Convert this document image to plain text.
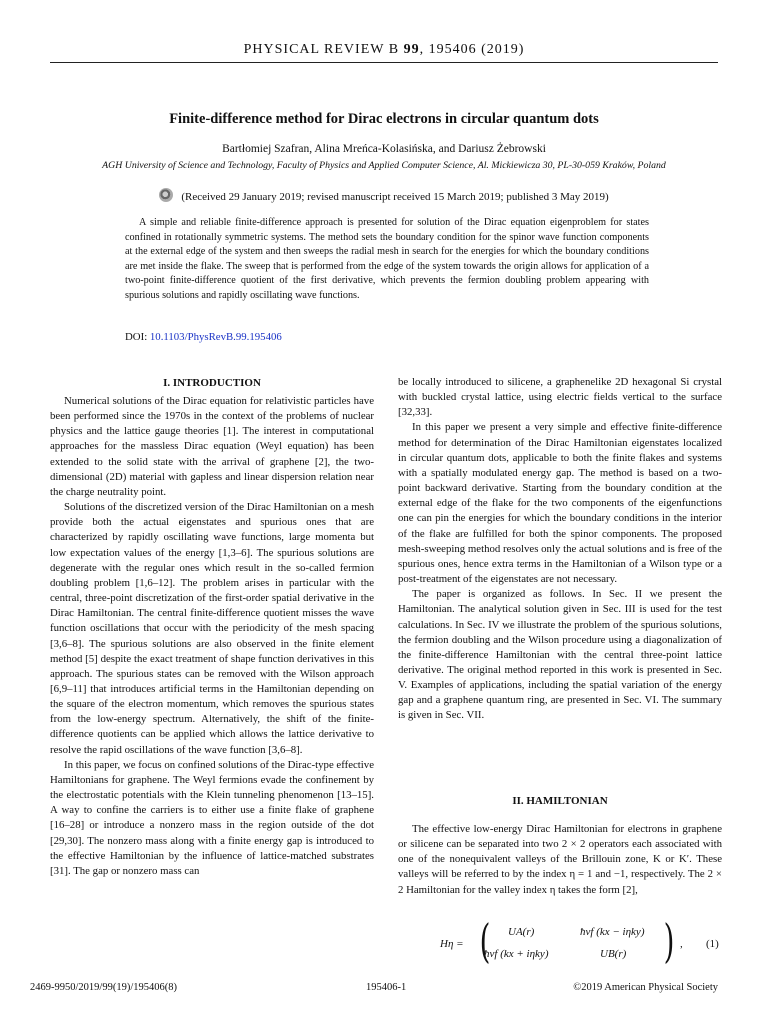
PHYSICAL REVIEW B 99, 195406 (2019)
Finite-difference method for Dirac electrons in circular quantum dots
Bartłomiej Szafran, Alina Mreńca-Kolasińska, and Dariusz Żebrowski
AGH University of Science and Technology, Faculty of Physics and Applied Computer Science, Al. Mickiewicza 30, PL-30-059 Kraków, Poland
(Received 29 January 2019; revised manuscript received 15 March 2019; published 3 May 2019)
A simple and reliable finite-difference approach is presented for solution of the Dirac equation eigenproblem for states confined in rotationally symmetric systems. The method sets the boundary condition for the spinor wave function components at the external edge of the system and then sweeps the radial mesh in search for the energies for which the boundary conditions are met inside the flake. The sweep that is performed from the edge of the system towards the origin allows for application of a two-point finite-difference quotient of the first derivative, which prevents the fermion doubling problem appearing with spurious solutions and rapidly oscillating wave functions.
DOI: 10.1103/PhysRevB.99.195406
I. INTRODUCTION

Numerical solutions of the Dirac equation for relativistic particles have been performed since the 1970s in the context of the problems of nuclear physics and the lattice gauge theories [1]. The interest in computational approaches for the massless Dirac equation (Weyl equation) has been extended to the solid state with the arrival of graphene [2], the two-dimensional (2D) material with gapless and linear dispersion relation near the charge neutrality point.

Solutions of the discretized version of the Dirac Hamiltonian on a mesh provide both the actual eigenstates and spurious ones that are characterized by rapidly oscillating wave functions, large momenta but low expectation values of the energy [1,3–6]. The spurious solutions are degenerate with the regular ones which result in the so-called fermion doubling problem [1,6–12]. The problem arises in particular with the central, three-point discretization of the first-order spatial derivative in the Dirac Hamiltonian. The central finite-difference quotient misses the wave function oscillations that occur with the periodicity of the mesh spacing [3,6–8]. The spurious solutions are also observed in the finite element method [5] despite the exact treatment of shape function derivatives in this approach. The spurious states can be removed with the Wilson approach [6,9–11] that introduces artificial terms in the Hamiltonian depending on the square of the electron momentum, which removes the spurious states from the low-energy spectrum. Alternatively, the shift of the finite-difference quotients can be applied which allows the lattice derivative to resolve the rapid oscillations of the wave function [3,6–8].

In this paper, we focus on confined solutions of the Dirac-type effective Hamiltonians for graphene. The Weyl fermions evade the confinement by the electrostatic potentials with the Klein tunneling phenomenon [13–15]. A way to confine the carriers is to either use a finite flake of graphene [16–28] or introduce a nonzero mass in the region outside of the dot [29,30]. The nonzero mass along with a finite energy gap is introduced to the effective Hamiltonian by the influence of lattice-matched substrates [31]. The gap or nonzero mass can

be locally introduced to silicene, a graphenelike 2D hexagonal Si crystal with buckled crystal lattice, using electric fields vertical to the surface [32,33].

In this paper we present a very simple and effective finite-difference method for determination of the Dirac Hamiltonian eigenstates localized in circular quantum dots, applicable to both the finite flakes and systems with a spatially modulated energy gap. The method is based on a two-point backward derivative. Starting from the boundary condition at the external edge of the flake for the two components of the eigenfunctions one can pin the energies for which the boundary conditions in the interior of the flake are fulfilled for both the spinor components. The proposed mesh-sweeping method resolves only the actual solutions and is free of the spurious ones, hence extra terms in the Hamiltonian of a Wilson type or a post-treatment of the eigenstates are not necessary.

The paper is organized as follows. In Sec. II we present the Hamiltonian. The analytical solution given in Sec. III is used for the test calculations. In Sec. IV we illustrate the problem of the spurious solutions, the fermion doubling and the Wilson procedure using a diagonalization of the finite-difference Hamiltonian with the central three-point lattice derivative. The original method reported in this work is presented in Sec. V. Examples of applications, including the spatial variation of the energy gap and a graphene quantum ring, are presented in Sec. VI. The summary is given in Sec. VII.

II. HAMILTONIAN

The effective low-energy Dirac Hamiltonian for electrons in graphene or silicene can be separated into two 2 × 2 operators each associated with one of the nonequivalent valleys of the Brillouin zone, K or K′. These valleys will be referred to by the index η = 1 and −1, respectively. The 2 × 2 Hamiltonian for the valley index η takes the form [2],

Hη = ( UA(r)	ħvf (kx − iηky)
ħvf (kx + iηky)	UB(r) ) , (1)
2469-9950/2019/99(19)/195406(8)	195406-1	©2019 American Physical Society
